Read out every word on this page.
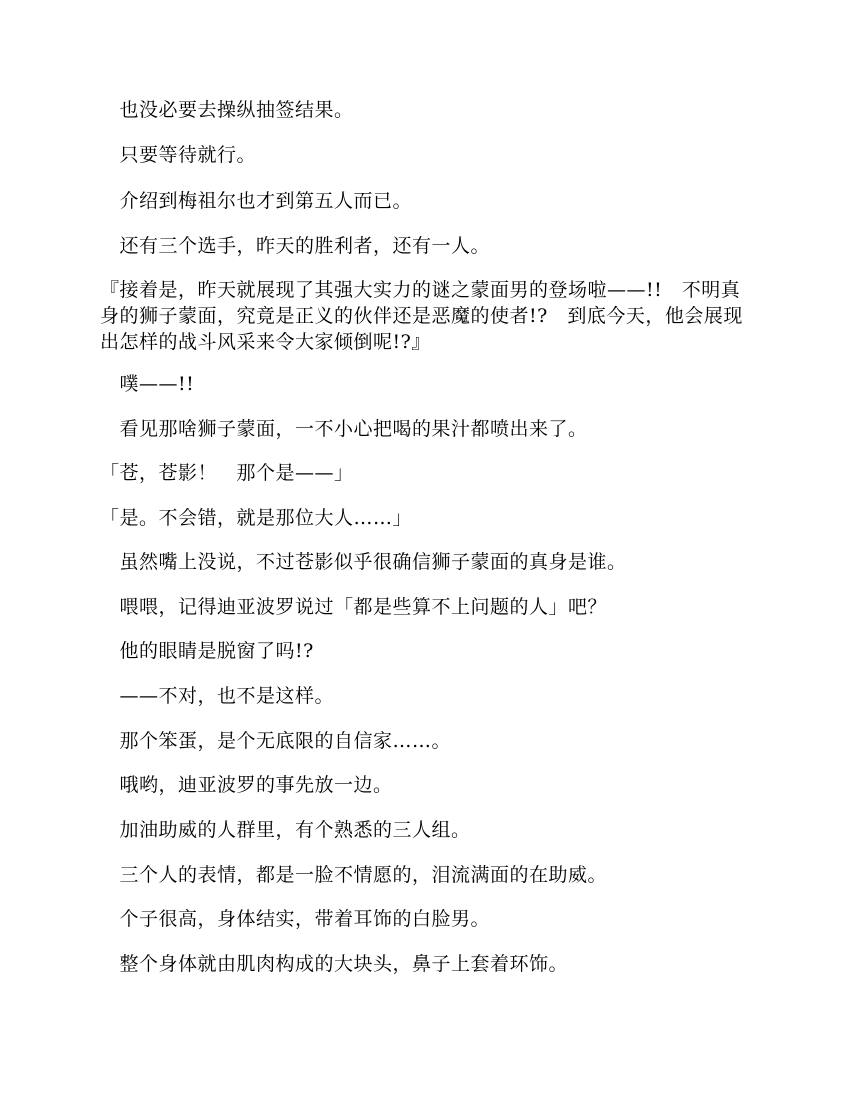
　也没必要去操纵抽签结果。
　只要等待就行。
　介绍到梅祖尔也才到第五人而已。
　还有三个选手，昨天的胜利者，还有一人。
『接着是，昨天就展现了其强大实力的谜之蒙面男的登场啦——!!　不明真身的狮子蒙面，究竟是正义的伙伴还是恶魔的使者!?　到底今天，他会展现出怎样的战斗风采来令大家倾倒呢!?』
　噗——!!
　看见那啥狮子蒙面，一不小心把喝的果汁都喷出来了。
「苍，苍影！　那个是——」
「是。不会错，就是那位大人……」
　虽然嘴上没说，不过苍影似乎很确信狮子蒙面的真身是谁。
　喂喂，记得迪亚波罗说过「都是些算不上问题的人」吧？
　他的眼睛是脱窗了吗!?
　——不对，也不是这样。
　那个笨蛋，是个无底限的自信家……。
　哦哟，迪亚波罗的事先放一边。
　加油助威的人群里，有个熟悉的三人组。
　三个人的表情，都是一脸不情愿的，泪流满面的在助威。
　个子很高，身体结实，带着耳饰的白脸男。
　整个身体就由肌肉构成的大块头，鼻子上套着环饰。
